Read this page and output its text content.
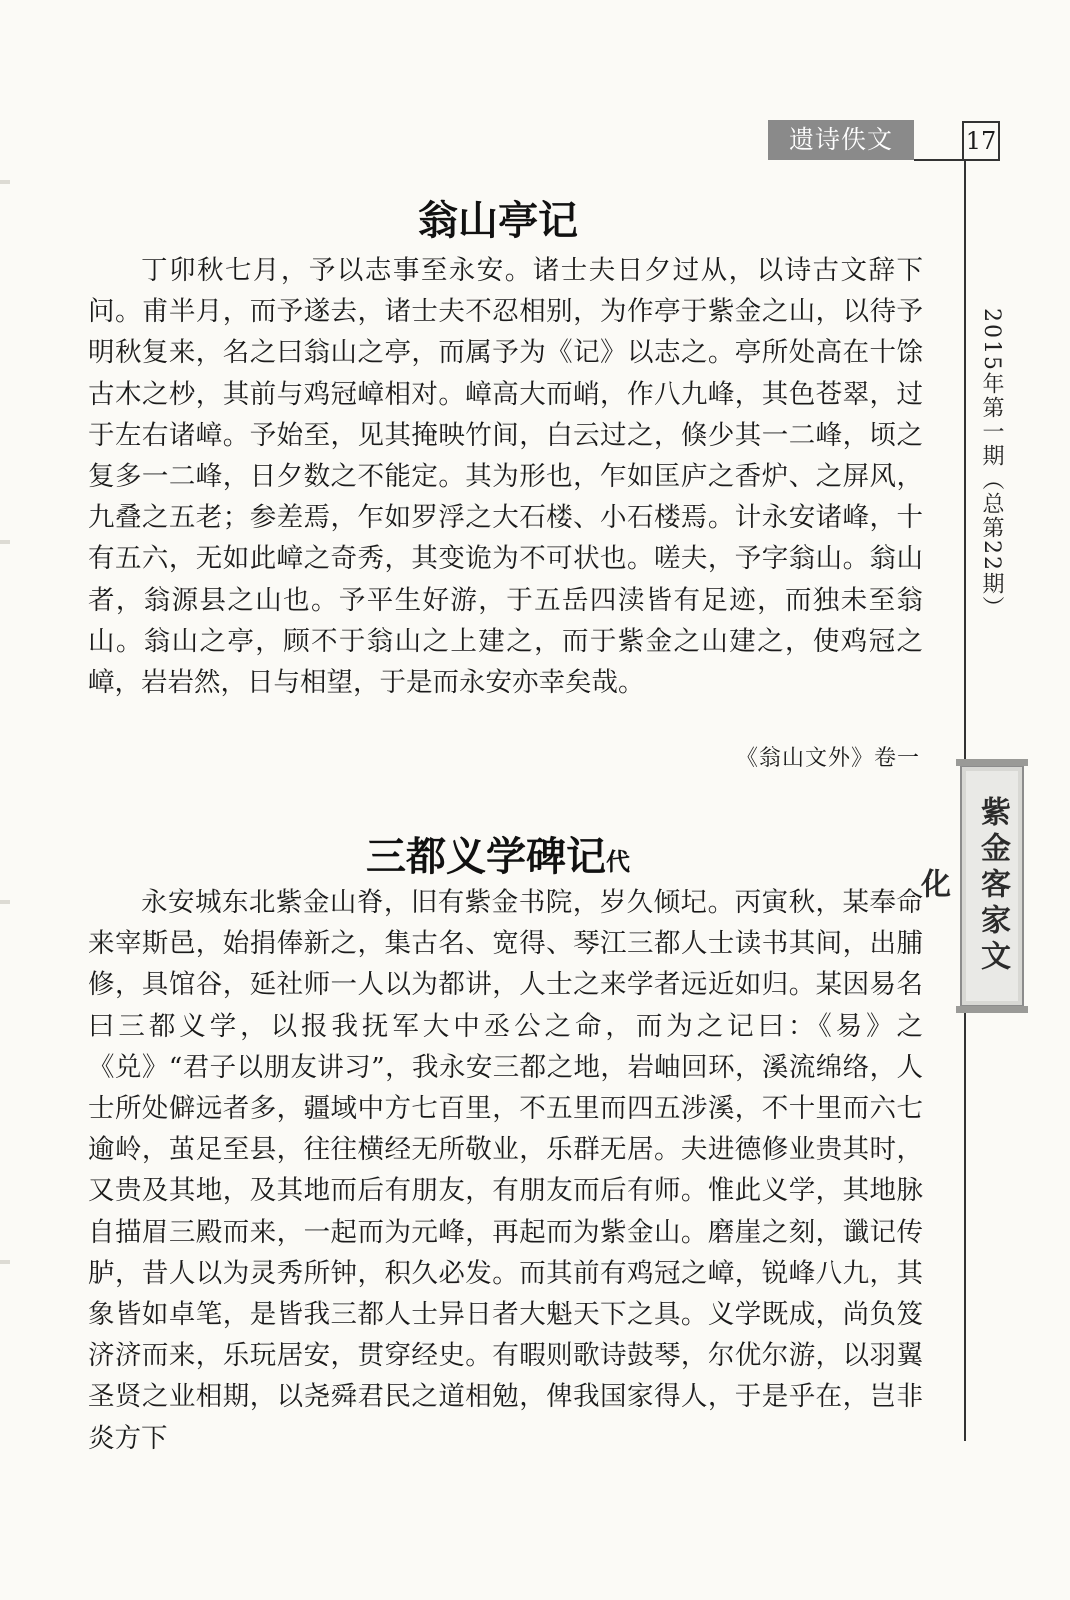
遗诗佚文	17
2015年第一期（总第22期）
紫金客家文化
翁山亭记

丁卯秋七月，予以志事至永安。诸士夫日夕过从，以诗古文辞下问。甫半月，而予遂去，诸士夫不忍相别，为作亭于紫金之山，以待予明秋复来，名之曰翁山之亭，而属予为《记》以志之。亭所处高在十馀古木之杪，其前与鸡冠嶂相对。嶂高大而峭，作八九峰，其色苍翠，过于左右诸嶂。予始至，见其掩映竹间，白云过之，倏少其一二峰，顷之复多一二峰，日夕数之不能定。其为形也，乍如匡庐之香炉、之屏风，九叠之五老；参差焉，乍如罗浮之大石楼、小石楼焉。计永安诸峰，十有五六，无如此嶂之奇秀，其变诡为不可状也。嗟夫，予字翁山。翁山者，翁源县之山也。予平生好游，于五岳四渎皆有足迹，而独未至翁山。翁山之亭，顾不于翁山之上建之，而于紫金之山建之，使鸡冠之嶂，岩岩然，日与相望，于是而永安亦幸矣哉。

《翁山文外》卷一
三都义学碑记代

永安城东北紫金山脊，旧有紫金书院，岁久倾圮。丙寅秋，某奉命来宰斯邑，始捐俸新之，集古名、宽得、琴江三都人士读书其间，出脯修，具馆谷，延社师一人以为都讲，人士之来学者远近如归。某因易名曰三都义学，以报我抚军大中丞公之命，而为之记曰：《易》之《兑》“君子以朋友讲习”，我永安三都之地，岩岫回环，溪流绵络，人士所处僻远者多，疆域中方七百里，不五里而四五涉溪，不十里而六七逾岭，茧足至县，往往横经无所敬业，乐群无居。夫进德修业贵其时，又贵及其地，及其地而后有朋友，有朋友而后有师。惟此义学，其地脉自描眉三殿而来，一起而为元峰，再起而为紫金山。磨崖之刻，谶记传胪，昔人以为灵秀所钟，积久必发。而其前有鸡冠之嶂，锐峰八九，其象皆如卓笔，是皆我三都人士异日者大魁天下之具。义学既成，尚负笈济济而来，乐玩居安，贯穿经史。有暇则歌诗鼓琴，尔优尔游，以羽翼圣贤之业相期，以尧舜君民之道相勉，俾我国家得人，于是乎在，岂非炎方下
